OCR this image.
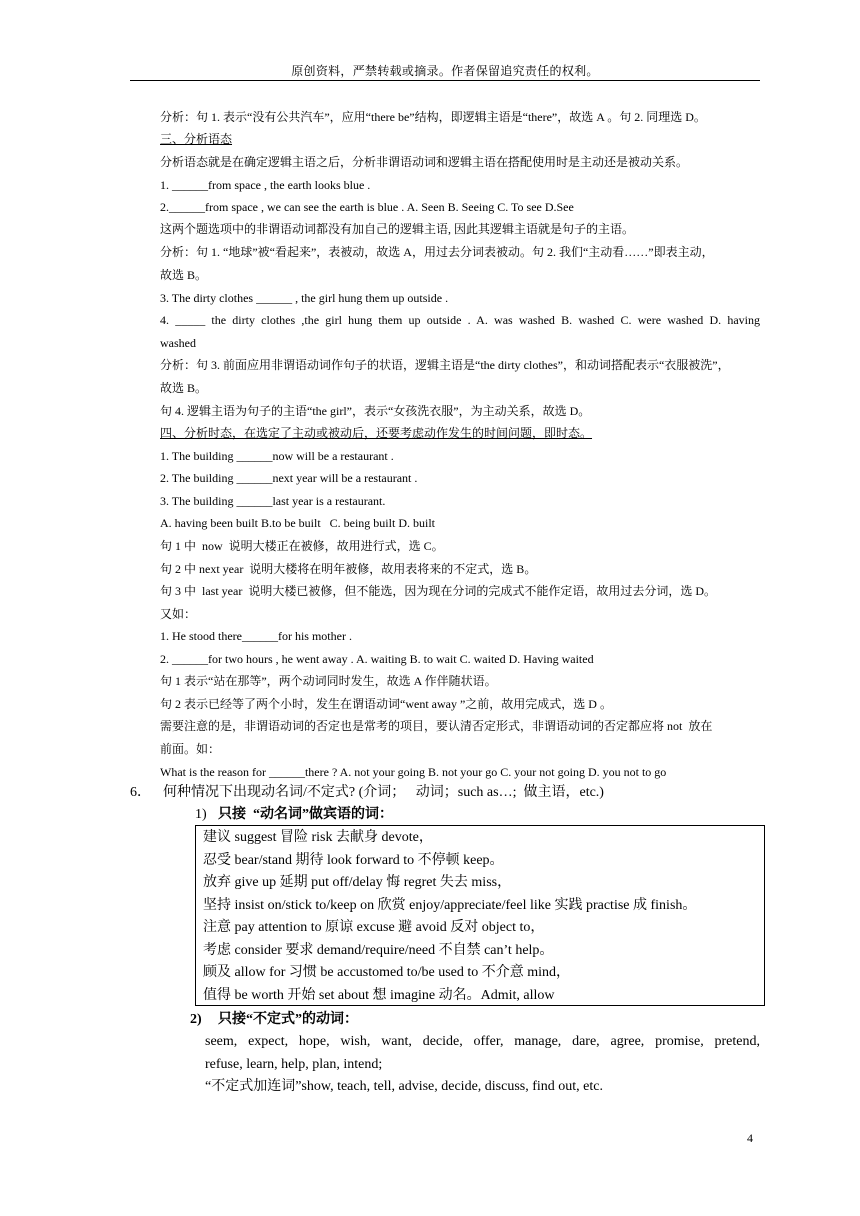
原创资料，严禁转载或摘录。作者保留追究责任的权利。
分析：句 1. 表示“没有公共汽车”，应用“there be”结构，即逻辑主语是“there”，故选 A 。句 2. 同理选 D。
三、分析语态
分析语态就是在确定逻辑主语之后，分析非谓语动词和逻辑主语在搭配使用时是主动还是被动关系。
1. ______from space , the earth looks blue .
2.______from space , we can see the earth is blue . A. Seen B. Seeing C. To see D.See
这两个题选项中的非谓语动词都没有加自己的逻辑主语, 因此其逻辑主语就是句子的主语。
分析：句 1. “地球”被“看起来”，表被动，故选 A，用过去分词表被动。句 2. 我们“主动看……”即表主动，
故选 B。
3. The dirty clothes ______ , the girl hung them up outside .
4. _____ the dirty clothes ,the girl hung them up outside . A. was washed B. washed C. were washed D. having
washed
分析：句 3. 前面应用非谓语动词作句子的状语，逻辑主语是“the dirty clothes”，和动词搭配表示“衣服被洗”，
故选 B。
句 4. 逻辑主语为句子的主语“the girl”，表示“女孩洗衣服”，为主动关系，故选 D。
四、分析时态，在选定了主动或被动后，还要考虑动作发生的时间问题，即时态。
1. The building ______now will be a restaurant .
2. The building ______next year will be a restaurant .
3. The building ______last year is a restaurant.
A. having been built B.to be built   C. being built D. built
句 1 中  now  说明大楼正在被修，故用进行式，选 C。
句 2 中 next year  说明大楼将在明年被修，故用表将来的不定式，选 B。
句 3 中  last year  说明大楼已被修，但不能选，因为现在分词的完成式不能作定语，故用过去分词，选 D。
又如：
1. He stood there______for his mother .
2. ______for two hours , he went away . A. waiting B. to wait C. waited D. Having waited
句 1 表示“站在那等”，两个动词同时发生，故选 A 作伴随状语。
句 2 表示已经等了两个小时，发生在谓语动词“went away ”之前，故用完成式，选 D 。
需要注意的是，非谓语动词的否定也是常考的项目，要认清否定形式，非谓语动词的否定都应将 not  放在
前面。如：
What is the reason for ______there ? A. not your going B. not your go C. your not going D. you not to go
6． 何种情况下出现动名词/不定式? (介词；   动词；such as…;  做主语，etc.)
1) 只接  “动名词”做宾语的词：
建议 suggest 冒险 risk 去献身 devote，
忍受 bear/stand 期待 look forward to 不停顿 keep。
放弃 give up 延期 put off/delay 悔 regret 失去 miss，
坚持 insist on/stick to/keep on 欣赏 enjoy/appreciate/feel like 实践 practise 成 finish。
注意 pay attention to 原谅 excuse 避 avoid 反对 object to，
考虑 consider 要求 demand/require/need 不自禁 can’t help。
顾及 allow for 习惯 be accustomed to/be used to 不介意 mind，
值得 be worth 开始 set about 想 imagine 动名。Admit, allow
2) 只接“不定式”的动词：
seem,  expect,  hope,  wish,  want,  decide,  offer,  manage,  dare,  agree,  promise,  pretend,
refuse, learn, help, plan, intend;
“不定式加连词”show, teach, tell, advise, decide, discuss, find out, etc.
4
